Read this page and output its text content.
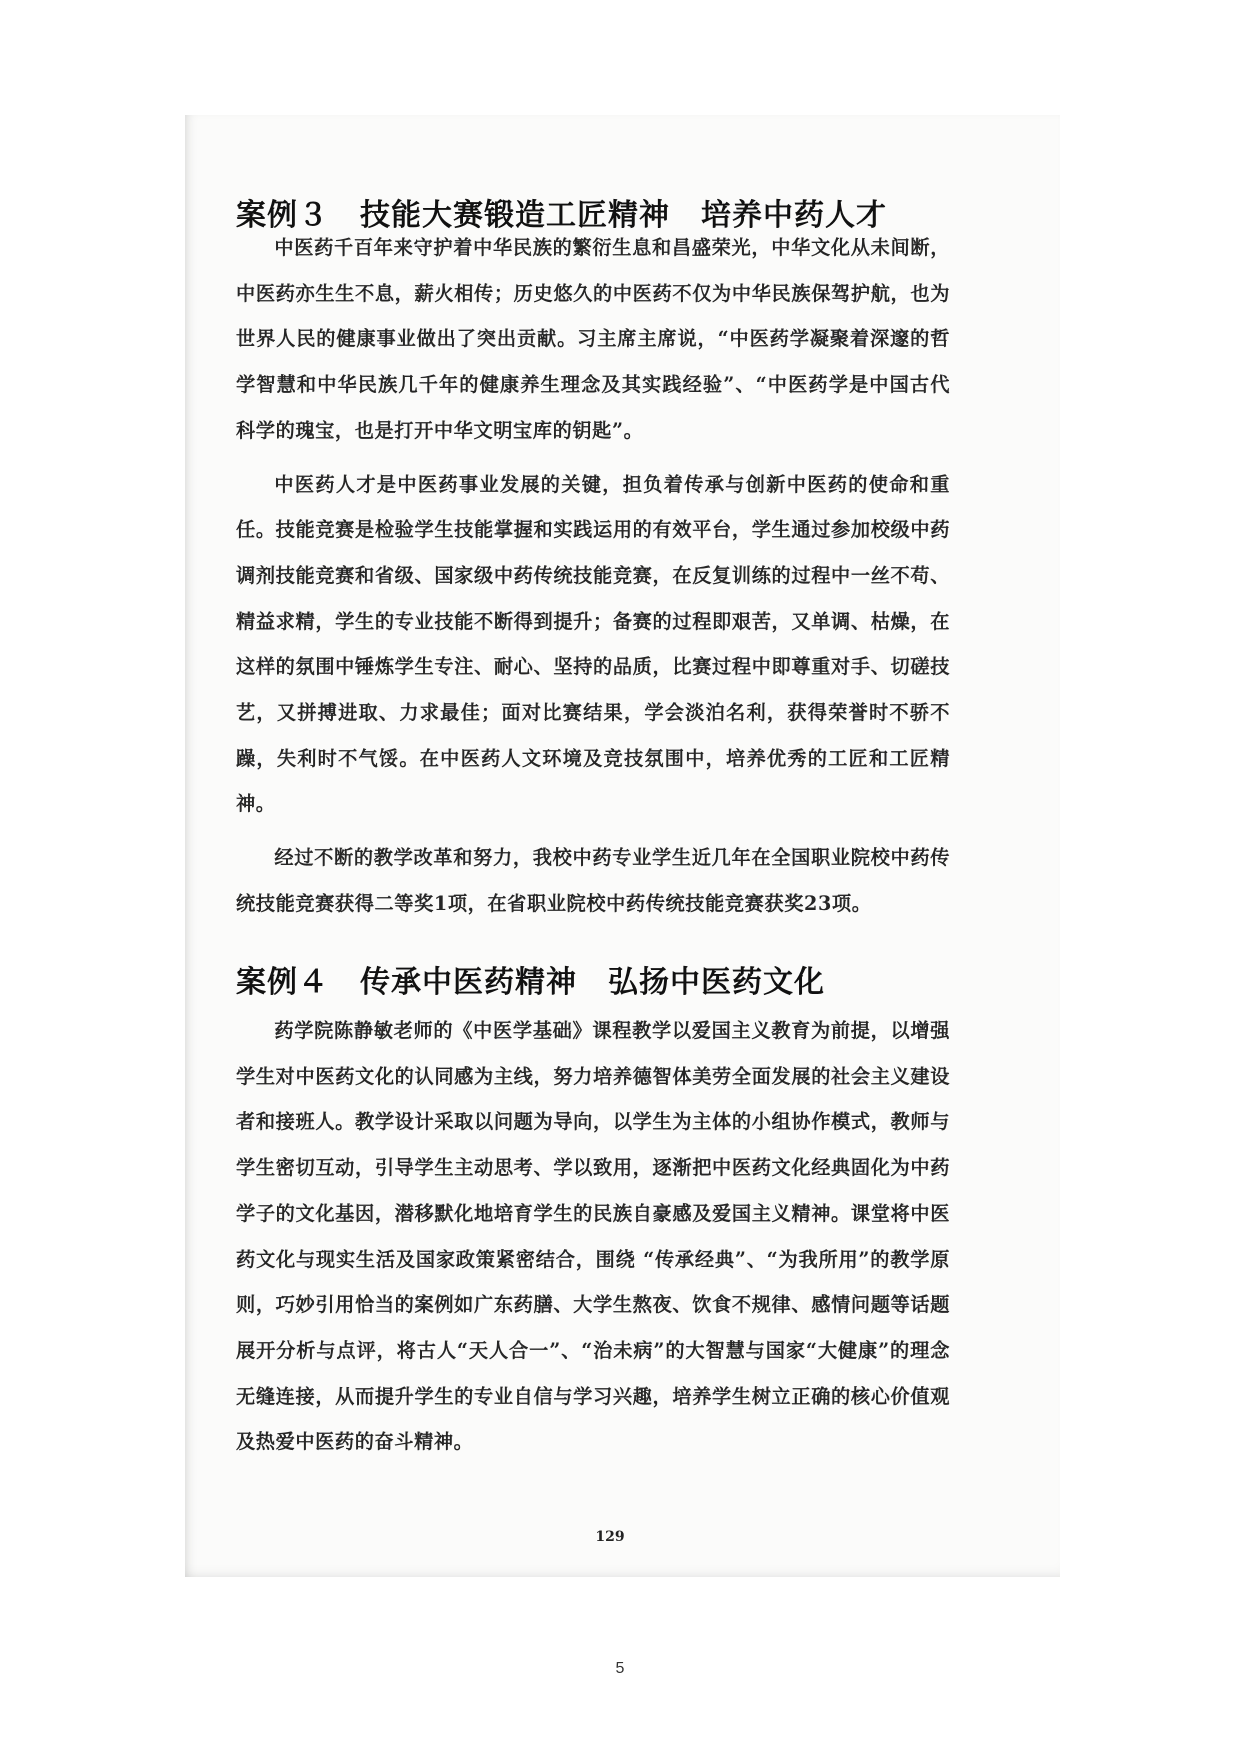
案例３　技能大赛锻造工匠精神　培养中药人才

中医药千百年来守护着中华民族的繁衍生息和昌盛荣光，中华文化从未间断，中医药亦生生不息，薪火相传；历史悠久的中医药不仅为中华民族保驾护航，也为世界人民的健康事业做出了突出贡献。习主席主席说，“中医药学凝聚着深邃的哲学智慧和中华民族几千年的健康养生理念及其实践经验”、“中医药学是中国古代科学的瑰宝，也是打开中华文明宝库的钥匙”。

中医药人才是中医药事业发展的关键，担负着传承与创新中医药的使命和重任。技能竞赛是检验学生技能掌握和实践运用的有效平台，学生通过参加校级中药调剂技能竞赛和省级、国家级中药传统技能竞赛，在反复训练的过程中一丝不苟、精益求精，学生的专业技能不断得到提升；备赛的过程即艰苦，又单调、枯燥，在这样的氛围中锤炼学生专注、耐心、坚持的品质，比赛过程中即尊重对手、切磋技艺，又拼搏进取、力求最佳；面对比赛结果，学会淡泊名利，获得荣誉时不骄不躁，失利时不气馁。在中医药人文环境及竞技氛围中，培养优秀的工匠和工匠精神。

经过不断的教学改革和努力，我校中药专业学生近几年在全国职业院校中药传统技能竞赛获得二等奖1项，在省职业院校中药传统技能竞赛获奖23项。

案例４　传承中医药精神　弘扬中医药文化

药学院陈静敏老师的《中医学基础》课程教学以爱国主义教育为前提，以增强学生对中医药文化的认同感为主线，努力培养德智体美劳全面发展的社会主义建设者和接班人。教学设计采取以问题为导向，以学生为主体的小组协作模式，教师与学生密切互动，引导学生主动思考、学以致用，逐渐把中医药文化经典固化为中药学子的文化基因，潜移默化地培育学生的民族自豪感及爱国主义精神。课堂将中医药文化与现实生活及国家政策紧密结合，围绕 “传承经典”、“为我所用”的教学原则，巧妙引用恰当的案例如广东药膳、大学生熬夜、饮食不规律、感情问题等话题展开分析与点评，将古人“天人合一”、“治未病”的大智慧与国家“大健康”的理念无缝连接，从而提升学生的专业自信与学习兴趣，培养学生树立正确的核心价值观及热爱中医药的奋斗精神。

129
5
